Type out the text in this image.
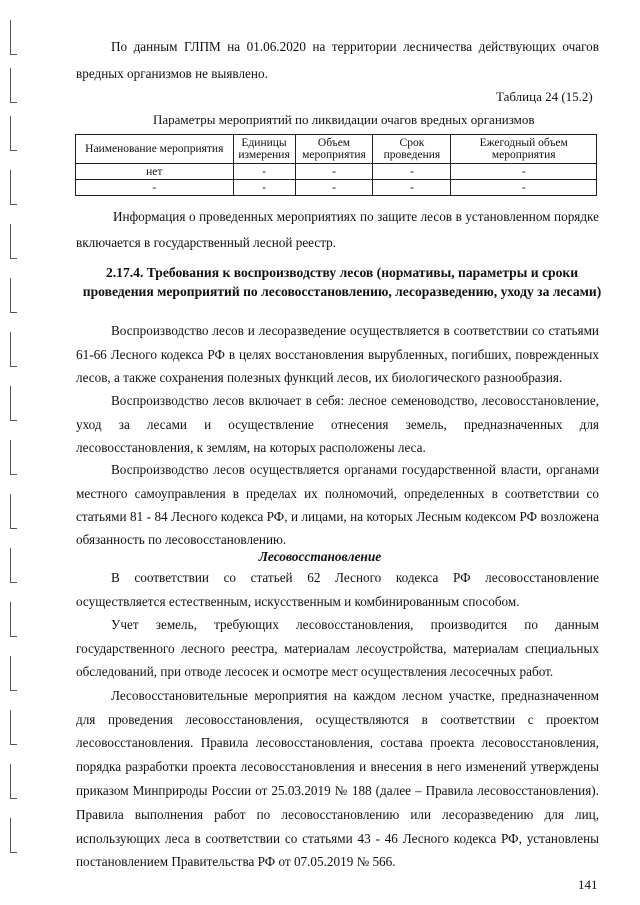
По данным ГЛПМ на 01.06.2020 на территории лесничества действующих очагов
вредных организмов не выявлено.
Таблица 24 (15.2)
Параметры мероприятий по ликвидации очагов вредных организмов
Наименование мероприятия	Единицы измерения	Объем мероприятия	Срок проведения	Ежегодный объем мероприятия
нет	-	-	-	-
-	-	-	-	-
Информация о проведенных мероприятиях по защите лесов в установленном порядке
включается в государственный лесной реестр.
2.17.4. Требования к воспроизводству лесов (нормативы, параметры и сроки
проведения мероприятий по лесовосстановлению, лесоразведению, уходу за лесами)
Воспроизводство лесов и лесоразведение осуществляется в соответствии со статьями
61-66 Лесного кодекса РФ в целях восстановления вырубленных, погибших, поврежденных
лесов, а также сохранения полезных функций лесов, их биологического разнообразия.
Воспроизводство лесов включает в себя: лесное семеноводство, лесовосстановление,
уход за лесами и осуществление отнесения земель, предназначенных для
лесовосстановления, к землям, на которых расположены леса.
Воспроизводство лесов осуществляется органами государственной власти, органами
местного самоуправления в пределах их полномочий, определенных в соответствии со
статьями 81 - 84 Лесного кодекса РФ, и лицами, на которых Лесным кодексом РФ возложена
обязанность по лесовосстановлению.
Лесовосстановление
В соответствии со статьей 62 Лесного кодекса РФ лесовосстановление
осуществляется естественным, искусственным и комбинированным способом.
Учет земель, требующих лесовосстановления, производится по данным
государственного лесного реестра, материалам лесоустройства, материалам специальных
обследований, при отводе лесосек и осмотре мест осуществления лесосечных работ.
Лесовосстановительные мероприятия на каждом лесном участке, предназначенном
для проведения лесовосстановления, осуществляются в соответствии с проектом
лесовосстановления. Правила лесовосстановления, состава проекта лесовосстановления,
порядка разработки проекта лесовосстановления и внесения в него изменений утверждены
приказом Минприроды России от 25.03.2019 № 188 (далее – Правила лесовосстановления).
Правила выполнения работ по лесовосстановлению или лесоразведению для лиц,
использующих леса в соответствии со статьями 43 - 46 Лесного кодекса РФ, установлены
постановлением Правительства РФ от 07.05.2019 № 566.
141
